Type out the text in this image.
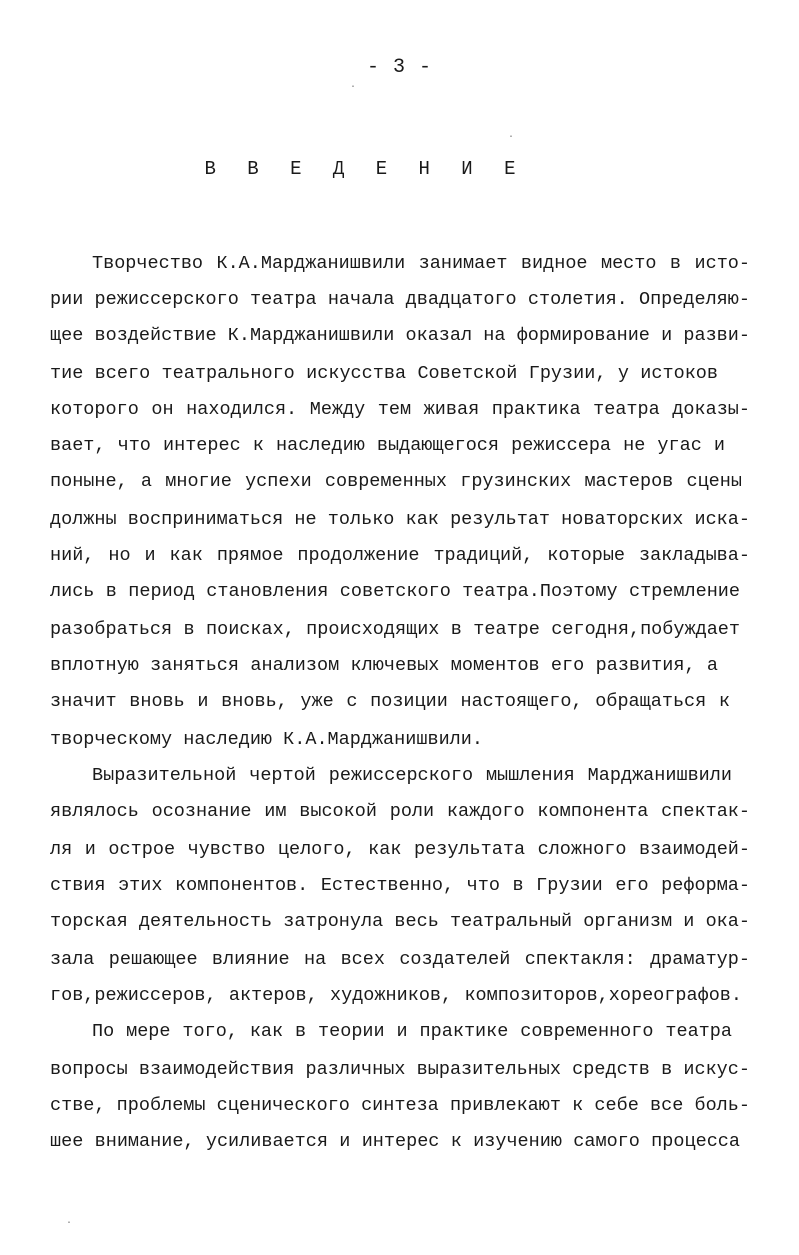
- 3 -
В В Е Д Е Н И Е
Творчество К.А.Марджанишвили занимает видное место в исто-
рии режиссерского театра начала двадцатого столетия. Определяю-
щее воздействие К.Марджанишвили оказал на формирование и разви-
тие всего театрального искусства Советской Грузии, у истоков
которого он находился. Между тем живая практика театра доказы-
вает, что интерес к наследию выдающегося режиссера не угас и
поныне, а многие успехи современных грузинских мастеров сцены
должны восприниматься не только как результат новаторских иска-
ний, но и как прямое продолжение традиций, которые закладыва-
лись в период становления советского театра.Поэтому стремление
разобраться в поисках, происходящих в театре сегодня,побуждает
вплотную заняться анализом ключевых моментов его развития, а
значит вновь и вновь, уже с позиции настоящего, обращаться к
творческому наследию К.А.Марджанишвили.
Выразительной чертой режиссерского мышления Марджанишвили
являлось осознание им высокой роли каждого компонента спектак-
ля и острое чувство целого, как результата сложного взаимодей-
ствия этих компонентов. Естественно, что в Грузии его реформа-
торская деятельность затронула весь театральный организм и ока-
зала решающее влияние на всех создателей спектакля: драматур-
гов,режиссеров, актеров, художников, композиторов,хореографов.
По мере того, как в теории и практике современного театра
вопросы взаимодействия различных выразительных средств в искус-
стве, проблемы сценического синтеза привлекают к себе все боль-
шее внимание, усиливается и интерес к изучению самого процесса
·
·
·
